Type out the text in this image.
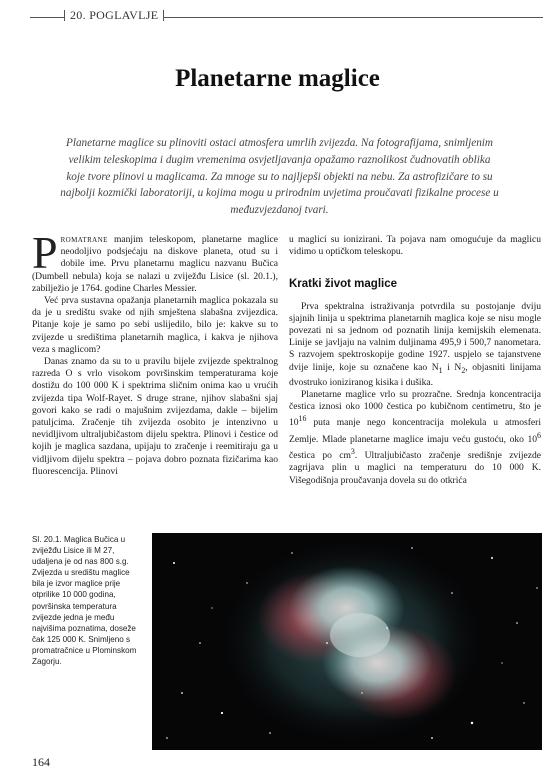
20. POGLAVLJE
Planetarne maglice
Planetarne maglice su plinoviti ostaci atmosfera umrlih zvijezda. Na fotografijama, snimljenim velikim teleskopima i dugim vremenima osvjetljavanja opažamo raznolikost čudnovatih oblika koje tvore plinovi u maglicama. Za mnoge su to najljepši objekti na nebu. Za astrofizičare to su najbolji kozmički laboratoriji, u kojima mogu u prirodnim uvjetima proučavati fizikalne procese u međuzvjezdanoj tvari.

Promatrane manjim teleskopom, planetarne maglice neodoljivo podsjećaju na diskove planeta, otud su i dobile ime. Prvu planetarnu maglicu nazvanu Bučica (Dumbell nebula) koja se nalazi u zviježđu Lisice (sl. 20.1.), zabilježio je 1764. godine Charles Messier.

Već prva sustavna opažanja planetarnih maglica pokazala su da je u središtu svake od njih smještena slabašna zvijezdica. Pitanje koje je samo po sebi uslijedilo, bilo je: kakve su to zvijezde u središtima planetarnih maglica, i kakva je njihova veza s maglicom?

Danas znamo da su to u pravilu bijele zvijezde spektralnog razreda O s vrlo visokom površinskim temperaturama koje dostižu do 100 000 K i spektrima sličnim onima kao u vrućih zvijezda tipa Wolf-Rayet. S druge strane, njihov slabašni sjaj govori kako se radi o majušnim zvijezdama, dakle – bijelim patuljcima. Zračenje tih zvijezda osobito je intenzivno u nevidljivom ultraljubičastom dijelu spektra. Plinovi i čestice od kojih je maglica sazdana, upijaju to zračenje i reemitiraju ga u vidljivom dijelu spektra – pojava dobro poznata fizičarima kao fluorescencija. Plinovi

u maglici su ionizirani. Ta pojava nam omogućuje da maglicu vidimo u optičkom teleskopu.

Kratki život maglice

Prva spektralna istraživanja potvrdila su postojanje dviju sjajnih linija u spektrima planetarnih maglica koje se nisu mogle povezati ni sa jednom od poznatih linija kemijskih elemenata. Linije se javljaju na valnim duljinama 495,9 i 500,7 nanometara. S razvojem spektroskopije godine 1927. uspjelo se tajanstvene dvije linije, koje su označene kao $N_1$ i $N_2$, objasniti linijama dvostruko ioniziranog kisika i dušika.

Planetarne maglice vrlo su prozračne. Srednja koncentracija čestica iznosi oko 1000 čestica po kubičnom centimetru, što je $10^{16}$ puta manje nego koncentracija molekula u atmosferi Zemlje. Mlade planetarne maglice imaju veću gustoću, oko $10^6$ čestica po $cm^3$. Ultraljubičasto zračenje središnje zvijezde zagrijava plin u maglici na temperaturu do 10 000 K. Višegodišnja proučavanja dovela su do otkrića

Sl. 20.1. Maglica Bučica u zviježđu Lisice ili M 27, udaljena je od nas 800 s.g. Zvijezda u središtu maglice bila je izvor maglice prije otprilike 10 000 godina, površinska temperatura zvijezde jedna je među najvišima poznatima, doseže čak 125 000 K. Snimljeno s promatračnice u Plominskom Zagorju.
164
